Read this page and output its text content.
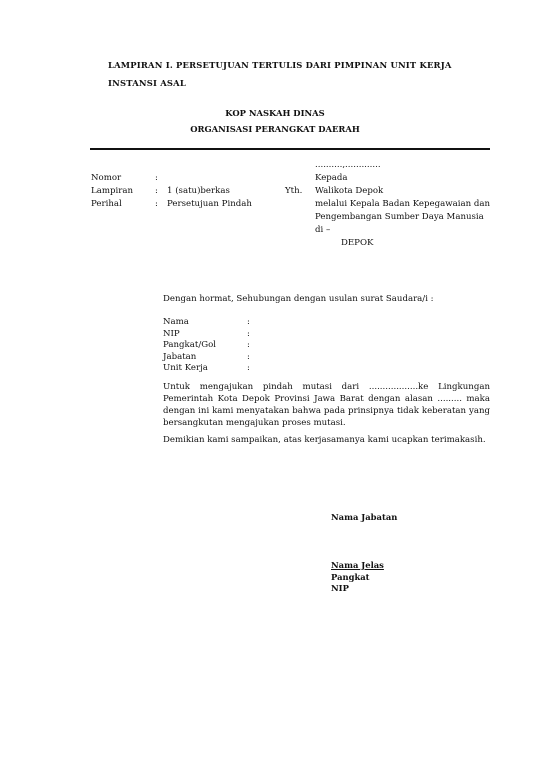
LAMPIRAN I. PERSETUJUAN TERTULIS DARI PIMPINAN UNIT KERJA
INSTANSI ASAL
KOP NASKAH DINAS
ORGANISASI PERANGKAT DAERAH
..........,.............
Nomor	:
Lampiran	: 1 (satu)berkas
Perihal	: Persetujuan Pindah
Yth.
Kepada
Walikota Depok
melalui Kepala Badan Kepegawaian dan Pengembangan Sumber Daya Manusia
di –
DEPOK
Dengan hormat, Sehubungan dengan usulan surat Saudara/i :
Nama	:
NIP	:
Pangkat/Gol	:
Jabatan	:
Unit Kerja	:
Untuk mengajukan pindah mutasi dari ..................ke Lingkungan Pemerintah Kota Depok Provinsi Jawa Barat dengan alasan ......... maka dengan ini kami menyatakan bahwa pada prinsipnya tidak keberatan yang bersangkutan mengajukan proses mutasi.
Demikian kami sampaikan, atas kerjasamanya kami ucapkan terimakasih.
Nama Jabatan
Nama Jelas
Pangkat
NIP
